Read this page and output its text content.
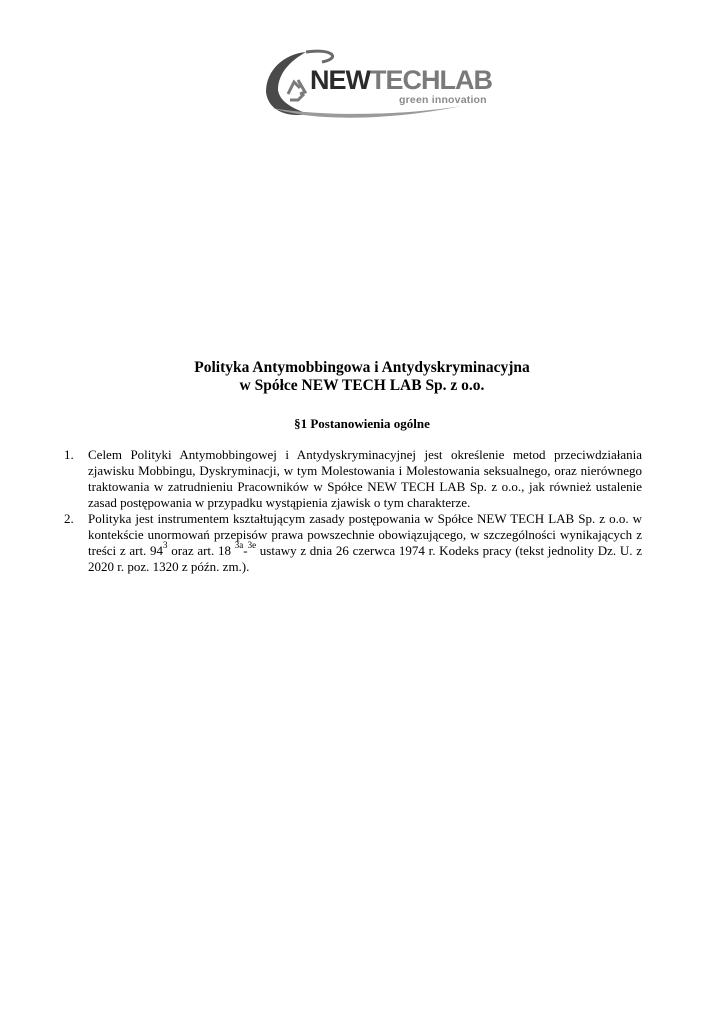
NEWTECHLAB
green innovation
Polityka Antymobbingowa i Antydyskryminacyjna
w Spółce NEW TECH LAB Sp. z o.o.
§1 Postanowienia ogólne
1. Celem Polityki Antymobbingowej i Antydyskryminacyjnej jest określenie metod przeciwdziałania zjawisku Mobbingu, Dyskryminacji, w tym Molestowania i Molestowania seksualnego, oraz nierównego traktowania w zatrudnieniu Pracowników w Spółce NEW TECH LAB Sp. z o.o., jak również ustalenie zasad postępowania w przypadku wystąpienia zjawisk o tym charakterze.
2. Polityka jest instrumentem kształtującym zasady postępowania w Spółce NEW TECH LAB Sp. z o.o. w kontekście unormowań przepisów prawa powszechnie obowiązującego, w szczególności wynikających z treści z art. $94^3$ oraz art. 18 $^{3a}$-$^{3e}$ ustawy z dnia 26 czerwca 1974 r. Kodeks pracy (tekst jednolity Dz. U. z 2020 r. poz. 1320 z późn. zm.).
